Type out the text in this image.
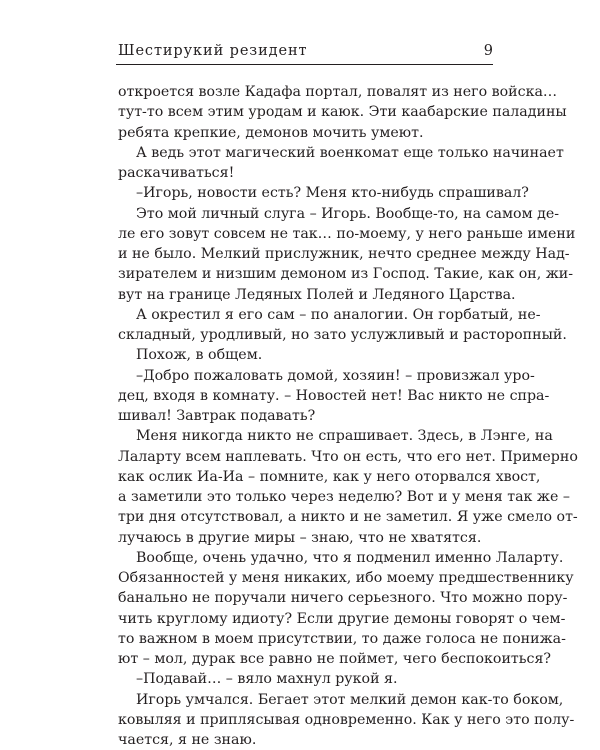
Шестирукий резидент	9
откроется возле Кадафа портал, повалят из него войска…
тут-то всем этим уродам и каюк. Эти каабарские паладины
ребята крепкие, демонов мочить умеют.
А ведь этот магический военкомат еще только начинает
раскачиваться!
–Игорь, новости есть? Меня кто-нибудь спрашивал?
Это мой личный слуга – Игорь. Вообще-то, на самом де-
ле его зовут совсем не так… по-моему, у него раньше имени
и не было. Мелкий прислужник, нечто среднее между Над-
зирателем и низшим демоном из Господ. Такие, как он, жи-
вут на границе Ледяных Полей и Ледяного Царства.
А окрестил я его сам – по аналогии. Он горбатый, не-
складный, уродливый, но зато услужливый и расторопный.
Похож, в общем.
–Добро пожаловать домой, хозяин! – провизжал уро-
дец, входя в комнату. – Новостей нет! Вас никто не спра-
шивал! Завтрак подавать?
Меня никогда никто не спрашивает. Здесь, в Лэнге, на
Лаларту всем наплевать. Что он есть, что его нет. Примерно
как ослик Иа-Иа – помните, как у него оторвался хвост,
а заметили это только через неделю? Вот и у меня так же –
три дня отсутствовал, а никто и не заметил. Я уже смело от-
лучаюсь в другие миры – знаю, что не хватятся.
Вообще, очень удачно, что я подменил именно Лаларту.
Обязанностей у меня никаких, ибо моему предшественнику
банально не поручали ничего серьезного. Что можно пору-
чить круглому идиоту? Если другие демоны говорят о чем-
то важном в моем присутствии, то даже голоса не понижа-
ют – мол, дурак все равно не поймет, чего беспокоиться?
–Подавай… – вяло махнул рукой я.
Игорь умчался. Бегает этот мелкий демон как-то боком,
ковыляя и приплясывая одновременно. Как у него это полу-
чается, я не знаю.
